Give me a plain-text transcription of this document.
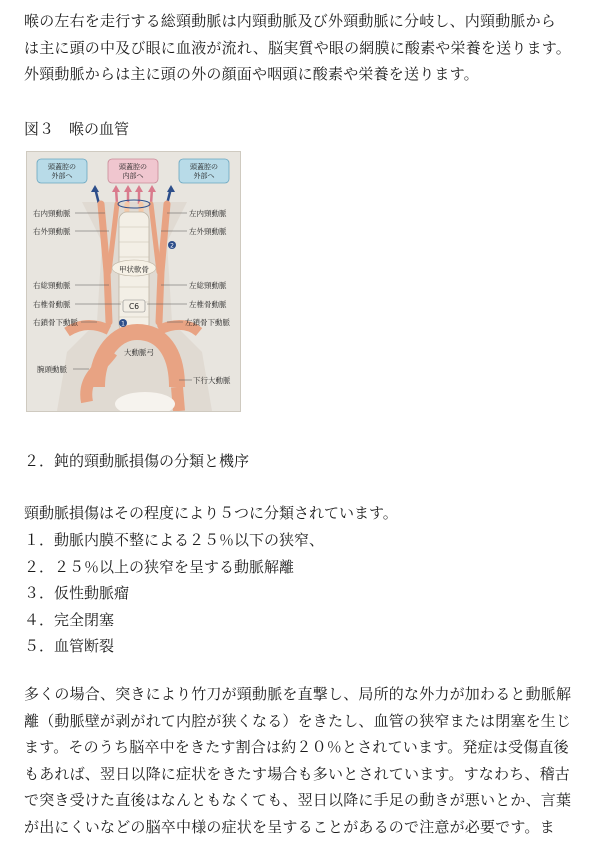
喉の左右を走行する総頸動脈は内頸動脈及び外頸動脈に分岐し、内頸動脈から
は主に頭の中及び眼に血液が流れ、脳実質や眼の網膜に酸素や栄養を送ります。
外頸動脈からは主に頭の外の顔面や咽頭に酸素や栄養を送ります。
図３　喉の血管
頭蓋腔の
外部へ
頭蓋腔の
内部へ
頭蓋腔の
外部へ
甲状軟骨
C6
大動脈弓
1
2
右内頸動脈
右外頸動脈
右総頸動脈
右椎骨動脈
右鎖骨下動脈
腕頭動脈
左内頸動脈
左外頸動脈
左総頸動脈
左椎骨動脈
左鎖骨下動脈
下行大動脈
２．鈍的頸動脈損傷の分類と機序
頸動脈損傷はその程度により５つに分類されています。
１．動脈内膜不整による２５％以下の狭窄、
２．２５％以上の狭窄を呈する動脈解離
３．仮性動脈瘤
４．完全閉塞
５．血管断裂
多くの場合、突きにより竹刀が頸動脈を直撃し、局所的な外力が加わると動脈解
離（動脈壁が剥がれて内腔が狭くなる）をきたし、血管の狭窄または閉塞を生じ
ます。そのうち脳卒中をきたす割合は約２０％とされています。発症は受傷直後
もあれば、翌日以降に症状をきたす場合も多いとされています。すなわち、稽古
で突き受けた直後はなんともなくても、翌日以降に手足の動きが悪いとか、言葉
が出にくいなどの脳卒中様の症状を呈することがあるので注意が必要です。ま
